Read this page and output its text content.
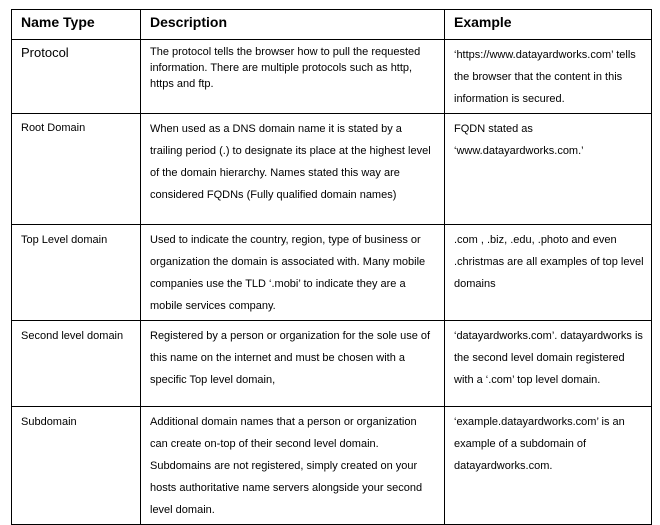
Name Type	Description	Example
Protocol	The protocol tells the browser how to pull the requested information. There are multiple protocols such as http, https and ftp.	‘https://www.datayardworks.com’ tells the browser that the content in this information is secured.
Root Domain	When used as a DNS domain name it is stated by a trailing period (.) to designate its place at the highest level of the domain hierarchy. Names stated this way are considered FQDNs (Fully qualified domain names)	FQDN stated as ‘www.datayardworks.com.’
Top Level domain	Used to indicate the country, region, type of business or organization the domain is associated with. Many mobile companies use the TLD ‘.mobi’ to indicate they are a mobile services company.	.com , .biz, .edu, .photo and even .christmas are all examples of top level domains
Second level domain	Registered by a person or organization for the sole use of this name on the internet and must be chosen with a specific Top level domain,	‘datayardworks.com’. datayardworks is the second level domain registered with a ‘.com’ top level domain.
Subdomain	Additional domain names that a person or organization can create on-top of their second level domain. Subdomains are not registered, simply created on your hosts authoritative name servers alongside your second level domain.	‘example.datayardworks.com’ is an example of a subdomain of datayardworks.com.
